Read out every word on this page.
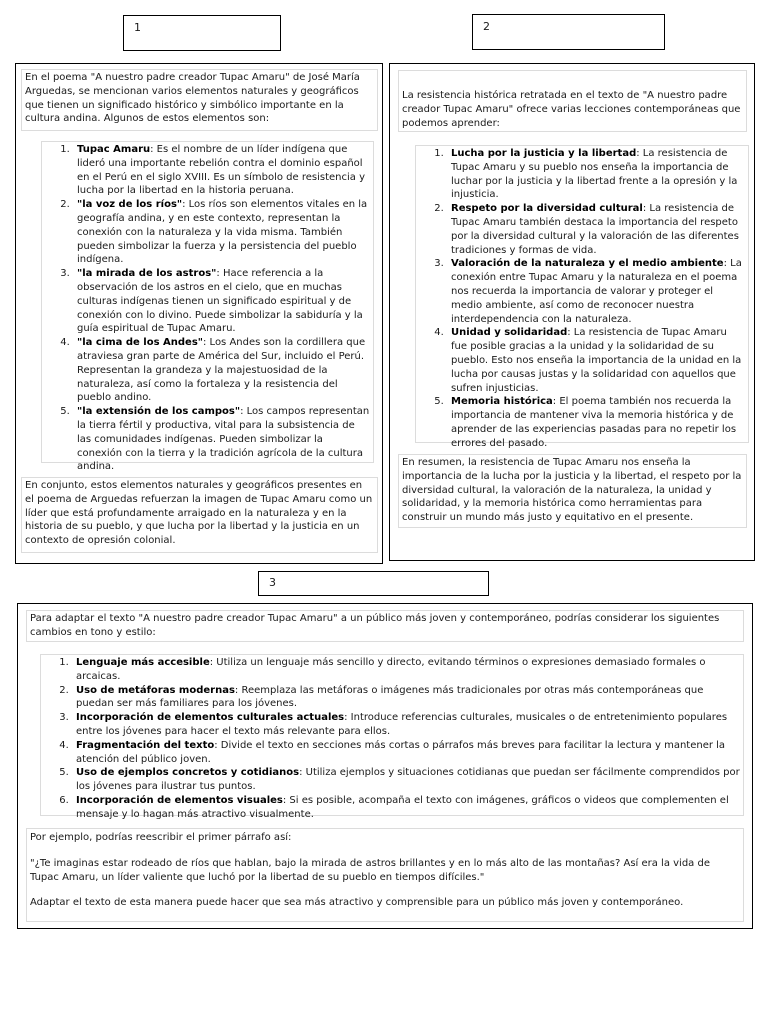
1	2
3

En el poema "A nuestro padre creador Tupac Amaru" de José María Arguedas, se mencionan varios elementos naturales y geográficos que tienen un significado histórico y simbólico importante en la cultura andina. Algunos de estos elementos son:

1. Tupac Amaru: Es el nombre de un líder indígena que lideró una importante rebelión contra el dominio español en el Perú en el siglo XVIII. Es un símbolo de resistencia y lucha por la libertad en la historia peruana.
2. "la voz de los ríos": Los ríos son elementos vitales en la geografía andina, y en este contexto, representan la conexión con la naturaleza y la vida misma. También pueden simbolizar la fuerza y la persistencia del pueblo indígena.
3. "la mirada de los astros": Hace referencia a la observación de los astros en el cielo, que en muchas culturas indígenas tienen un significado espiritual y de conexión con lo divino. Puede simbolizar la sabiduría y la guía espiritual de Tupac Amaru.
4. "la cima de los Andes": Los Andes son la cordillera que atraviesa gran parte de América del Sur, incluido el Perú. Representan la grandeza y la majestuosidad de la naturaleza, así como la fortaleza y la resistencia del pueblo andino.
5. "la extensión de los campos": Los campos representan la tierra fértil y productiva, vital para la subsistencia de las comunidades indígenas. Pueden simbolizar la conexión con la tierra y la tradición agrícola de la cultura andina.

En conjunto, estos elementos naturales y geográficos presentes en el poema de Arguedas refuerzan la imagen de Tupac Amaru como un líder que está profundamente arraigado en la naturaleza y en la historia de su pueblo, y que lucha por la libertad y la justicia en un contexto de opresión colonial.

La resistencia histórica retratada en el texto de "A nuestro padre creador Tupac Amaru" ofrece varias lecciones contemporáneas que podemos aprender:

1. Lucha por la justicia y la libertad: La resistencia de Tupac Amaru y su pueblo nos enseña la importancia de luchar por la justicia y la libertad frente a la opresión y la injusticia.
2. Respeto por la diversidad cultural: La resistencia de Tupac Amaru también destaca la importancia del respeto por la diversidad cultural y la valoración de las diferentes tradiciones y formas de vida.
3. Valoración de la naturaleza y el medio ambiente: La conexión entre Tupac Amaru y la naturaleza en el poema nos recuerda la importancia de valorar y proteger el medio ambiente, así como de reconocer nuestra interdependencia con la naturaleza.
4. Unidad y solidaridad: La resistencia de Tupac Amaru fue posible gracias a la unidad y la solidaridad de su pueblo. Esto nos enseña la importancia de la unidad en la lucha por causas justas y la solidaridad con aquellos que sufren injusticias.
5. Memoria histórica: El poema también nos recuerda la importancia de mantener viva la memoria histórica y de aprender de las experiencias pasadas para no repetir los errores del pasado.

En resumen, la resistencia de Tupac Amaru nos enseña la importancia de la lucha por la justicia y la libertad, el respeto por la diversidad cultural, la valoración de la naturaleza, la unidad y solidaridad, y la memoria histórica como herramientas para construir un mundo más justo y equitativo en el presente.

Para adaptar el texto "A nuestro padre creador Tupac Amaru" a un público más joven y contemporáneo, podrías considerar los siguientes cambios en tono y estilo:

1. Lenguaje más accesible: Utiliza un lenguaje más sencillo y directo, evitando términos o expresiones demasiado formales o arcaicas.
2. Uso de metáforas modernas: Reemplaza las metáforas o imágenes más tradicionales por otras más contemporáneas que puedan ser más familiares para los jóvenes.
3. Incorporación de elementos culturales actuales: Introduce referencias culturales, musicales o de entretenimiento populares entre los jóvenes para hacer el texto más relevante para ellos.
4. Fragmentación del texto: Divide el texto en secciones más cortas o párrafos más breves para facilitar la lectura y mantener la atención del público joven.
5. Uso de ejemplos concretos y cotidianos: Utiliza ejemplos y situaciones cotidianas que puedan ser fácilmente comprendidos por los jóvenes para ilustrar tus puntos.
6. Incorporación de elementos visuales: Si es posible, acompaña el texto con imágenes, gráficos o videos que complementen el mensaje y lo hagan más atractivo visualmente.

Por ejemplo, podrías reescribir el primer párrafo así:

"¿Te imaginas estar rodeado de ríos que hablan, bajo la mirada de astros brillantes y en lo más alto de las montañas? Así era la vida de Tupac Amaru, un líder valiente que luchó por la libertad de su pueblo en tiempos difíciles."

Adaptar el texto de esta manera puede hacer que sea más atractivo y comprensible para un público más joven y contemporáneo.
